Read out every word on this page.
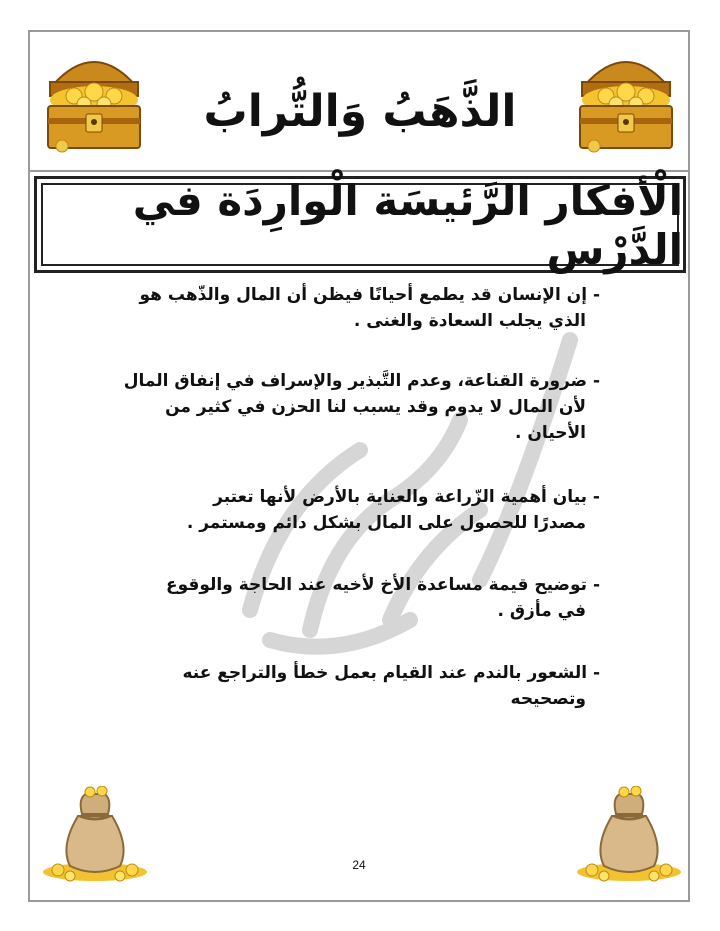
الذَّهَبُ وَالتُّرابُ
الْأفكار الرَّئيسَة الْوارِدَة في الدَّرْس
- إن الإنسان قد يطمع أحيانًا فيظن أن المال والذّهب هو
الذي يجلب السعادة والغنى .
- ضرورة القناعة، وعدم التَّبذير والإسراف في إنفاق المال
لأن المال لا يدوم وقد يسبب لنا الحزن في كثير من
الأحيان .
- بيان أهمية الزّراعة والعناية بالأرض لأنها تعتبر
مصدرًا للحصول على المال بشكل دائم ومستمر .
- توضيح قيمة مساعدة الأخ لأخيه عند الحاجة والوقوع
في مأزق .
- الشعور بالندم عند القيام بعمل خطأ والتراجع عنه
وتصحيحه
24
